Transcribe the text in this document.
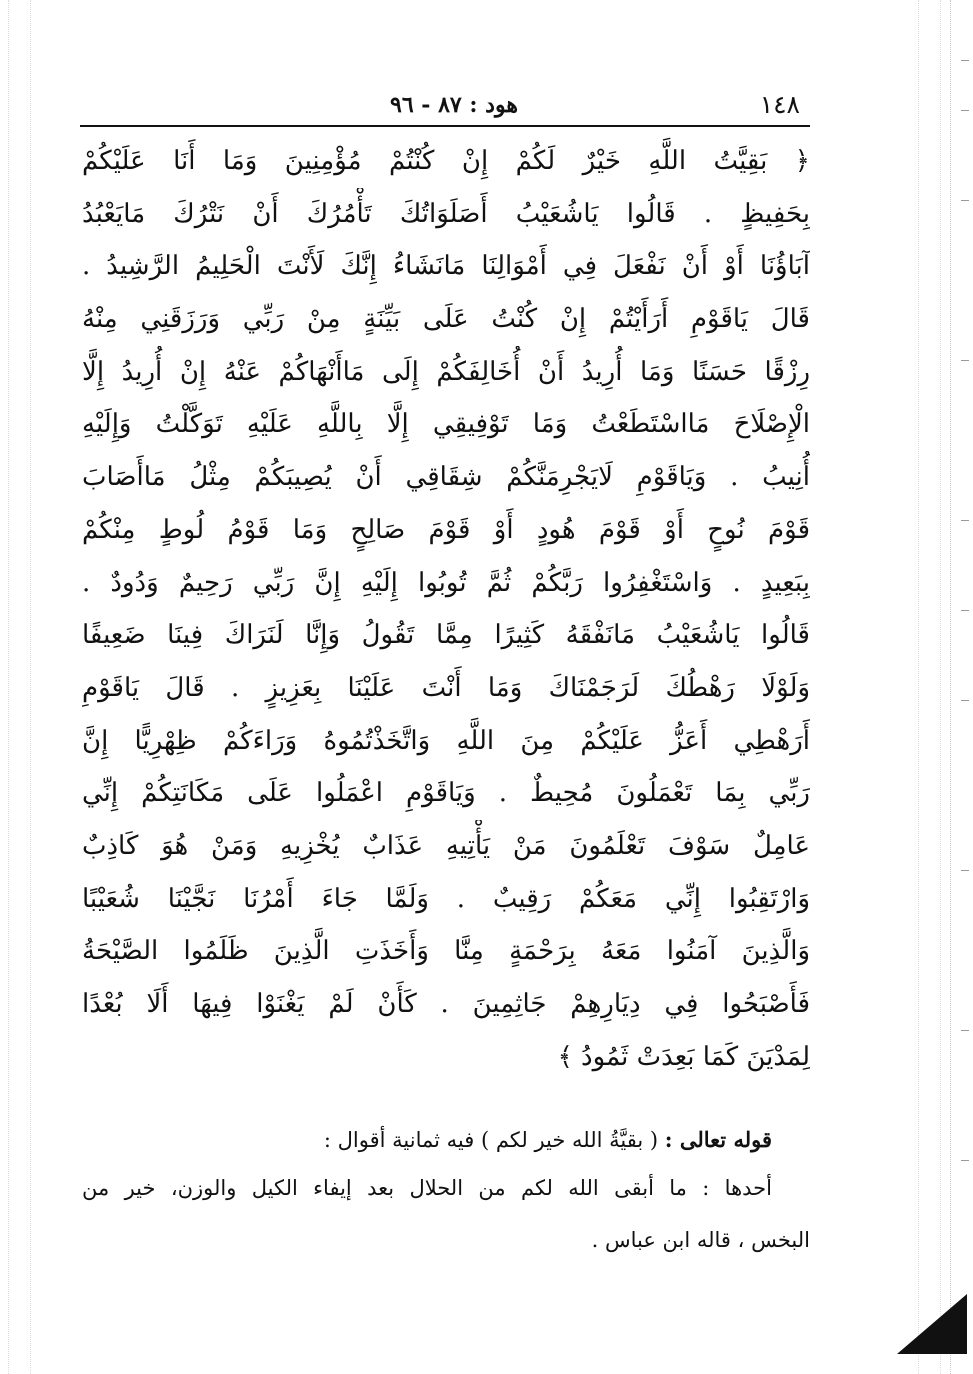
١٤٨
هود : ٨٧ - ٩٦
﴿ بَقِيَّتُ اللَّهِ خَيْرٌ لَكُمْ إِنْ كُنْتُمْ مُؤْمِنِينَ وَمَا أَنَا عَلَيْكُمْ
بِحَفِيظٍ . قَالُوا يَاشُعَيْبُ أَصَلَوَاتُكَ تَأْمُرُكَ أَنْ نَتْرُكَ مَايَعْبُدُ
آبَاؤُنَا أَوْ أَنْ نَفْعَلَ فِي أَمْوَالِنَا مَانَشَاءُ إِنَّكَ لَأَنْتَ الْحَلِيمُ الرَّشِيدُ .
قَالَ يَاقَوْمِ أَرَأَيْتُمْ إِنْ كُنْتُ عَلَى بَيِّنَةٍ مِنْ رَبِّي وَرَزَقَنِي مِنْهُ
رِزْقًا حَسَنًا وَمَا أُرِيدُ أَنْ أُخَالِفَكُمْ إِلَى مَاأَنْهَاكُمْ عَنْهُ إِنْ أُرِيدُ إِلَّا
الْإِصْلَاحَ مَااسْتَطَعْتُ وَمَا تَوْفِيقِي إِلَّا بِاللَّهِ عَلَيْهِ تَوَكَّلْتُ وَإِلَيْهِ
أُنِيبُ . وَيَاقَوْمِ لَايَجْرِمَنَّكُمْ شِقَاقِي أَنْ يُصِيبَكُمْ مِثْلُ مَاأَصَابَ
قَوْمَ نُوحٍ أَوْ قَوْمَ هُودٍ أَوْ قَوْمَ صَالِحٍ وَمَا قَوْمُ لُوطٍ مِنْكُمْ
بِبَعِيدٍ . وَاسْتَغْفِرُوا رَبَّكُمْ ثُمَّ تُوبُوا إِلَيْهِ إِنَّ رَبِّي رَحِيمٌ وَدُودٌ .
قَالُوا يَاشُعَيْبُ مَانَفْقَهُ كَثِيرًا مِمَّا تَقُولُ وَإِنَّا لَنَرَاكَ فِينَا ضَعِيفًا
وَلَوْلَا رَهْطُكَ لَرَجَمْنَاكَ وَمَا أَنْتَ عَلَيْنَا بِعَزِيزٍ . قَالَ يَاقَوْمِ
أَرَهْطِي أَعَزُّ عَلَيْكُمْ مِنَ اللَّهِ وَاتَّخَذْتُمُوهُ وَرَاءَكُمْ ظِهْرِيًّا إِنَّ
رَبِّي بِمَا تَعْمَلُونَ مُحِيطٌ . وَيَاقَوْمِ اعْمَلُوا عَلَى مَكَانَتِكُمْ إِنِّي
عَامِلٌ سَوْفَ تَعْلَمُونَ مَنْ يَأْتِيهِ عَذَابٌ يُخْزِيهِ وَمَنْ هُوَ كَاذِبٌ
وَارْتَقِبُوا إِنِّي مَعَكُمْ رَقِيبٌ . وَلَمَّا جَاءَ أَمْرُنَا نَجَّيْنَا شُعَيْبًا
وَالَّذِينَ آمَنُوا مَعَهُ بِرَحْمَةٍ مِنَّا وَأَخَذَتِ الَّذِينَ ظَلَمُوا الصَّيْحَةُ
فَأَصْبَحُوا فِي دِيَارِهِمْ جَاثِمِينَ . كَأَنْ لَمْ يَغْنَوْا فِيهَا أَلَا بُعْدًا
لِمَدْيَنَ كَمَا بَعِدَتْ ثَمُودُ ﴾
قوله تعالى : ( بقيَّةُ الله خير لكم ) فيه ثمانية أقوال :
أحدها : ما أبقى الله لكم من الحلال بعد إيفاء الكيل والوزن، خير من
البخس ، قاله ابن عباس .
